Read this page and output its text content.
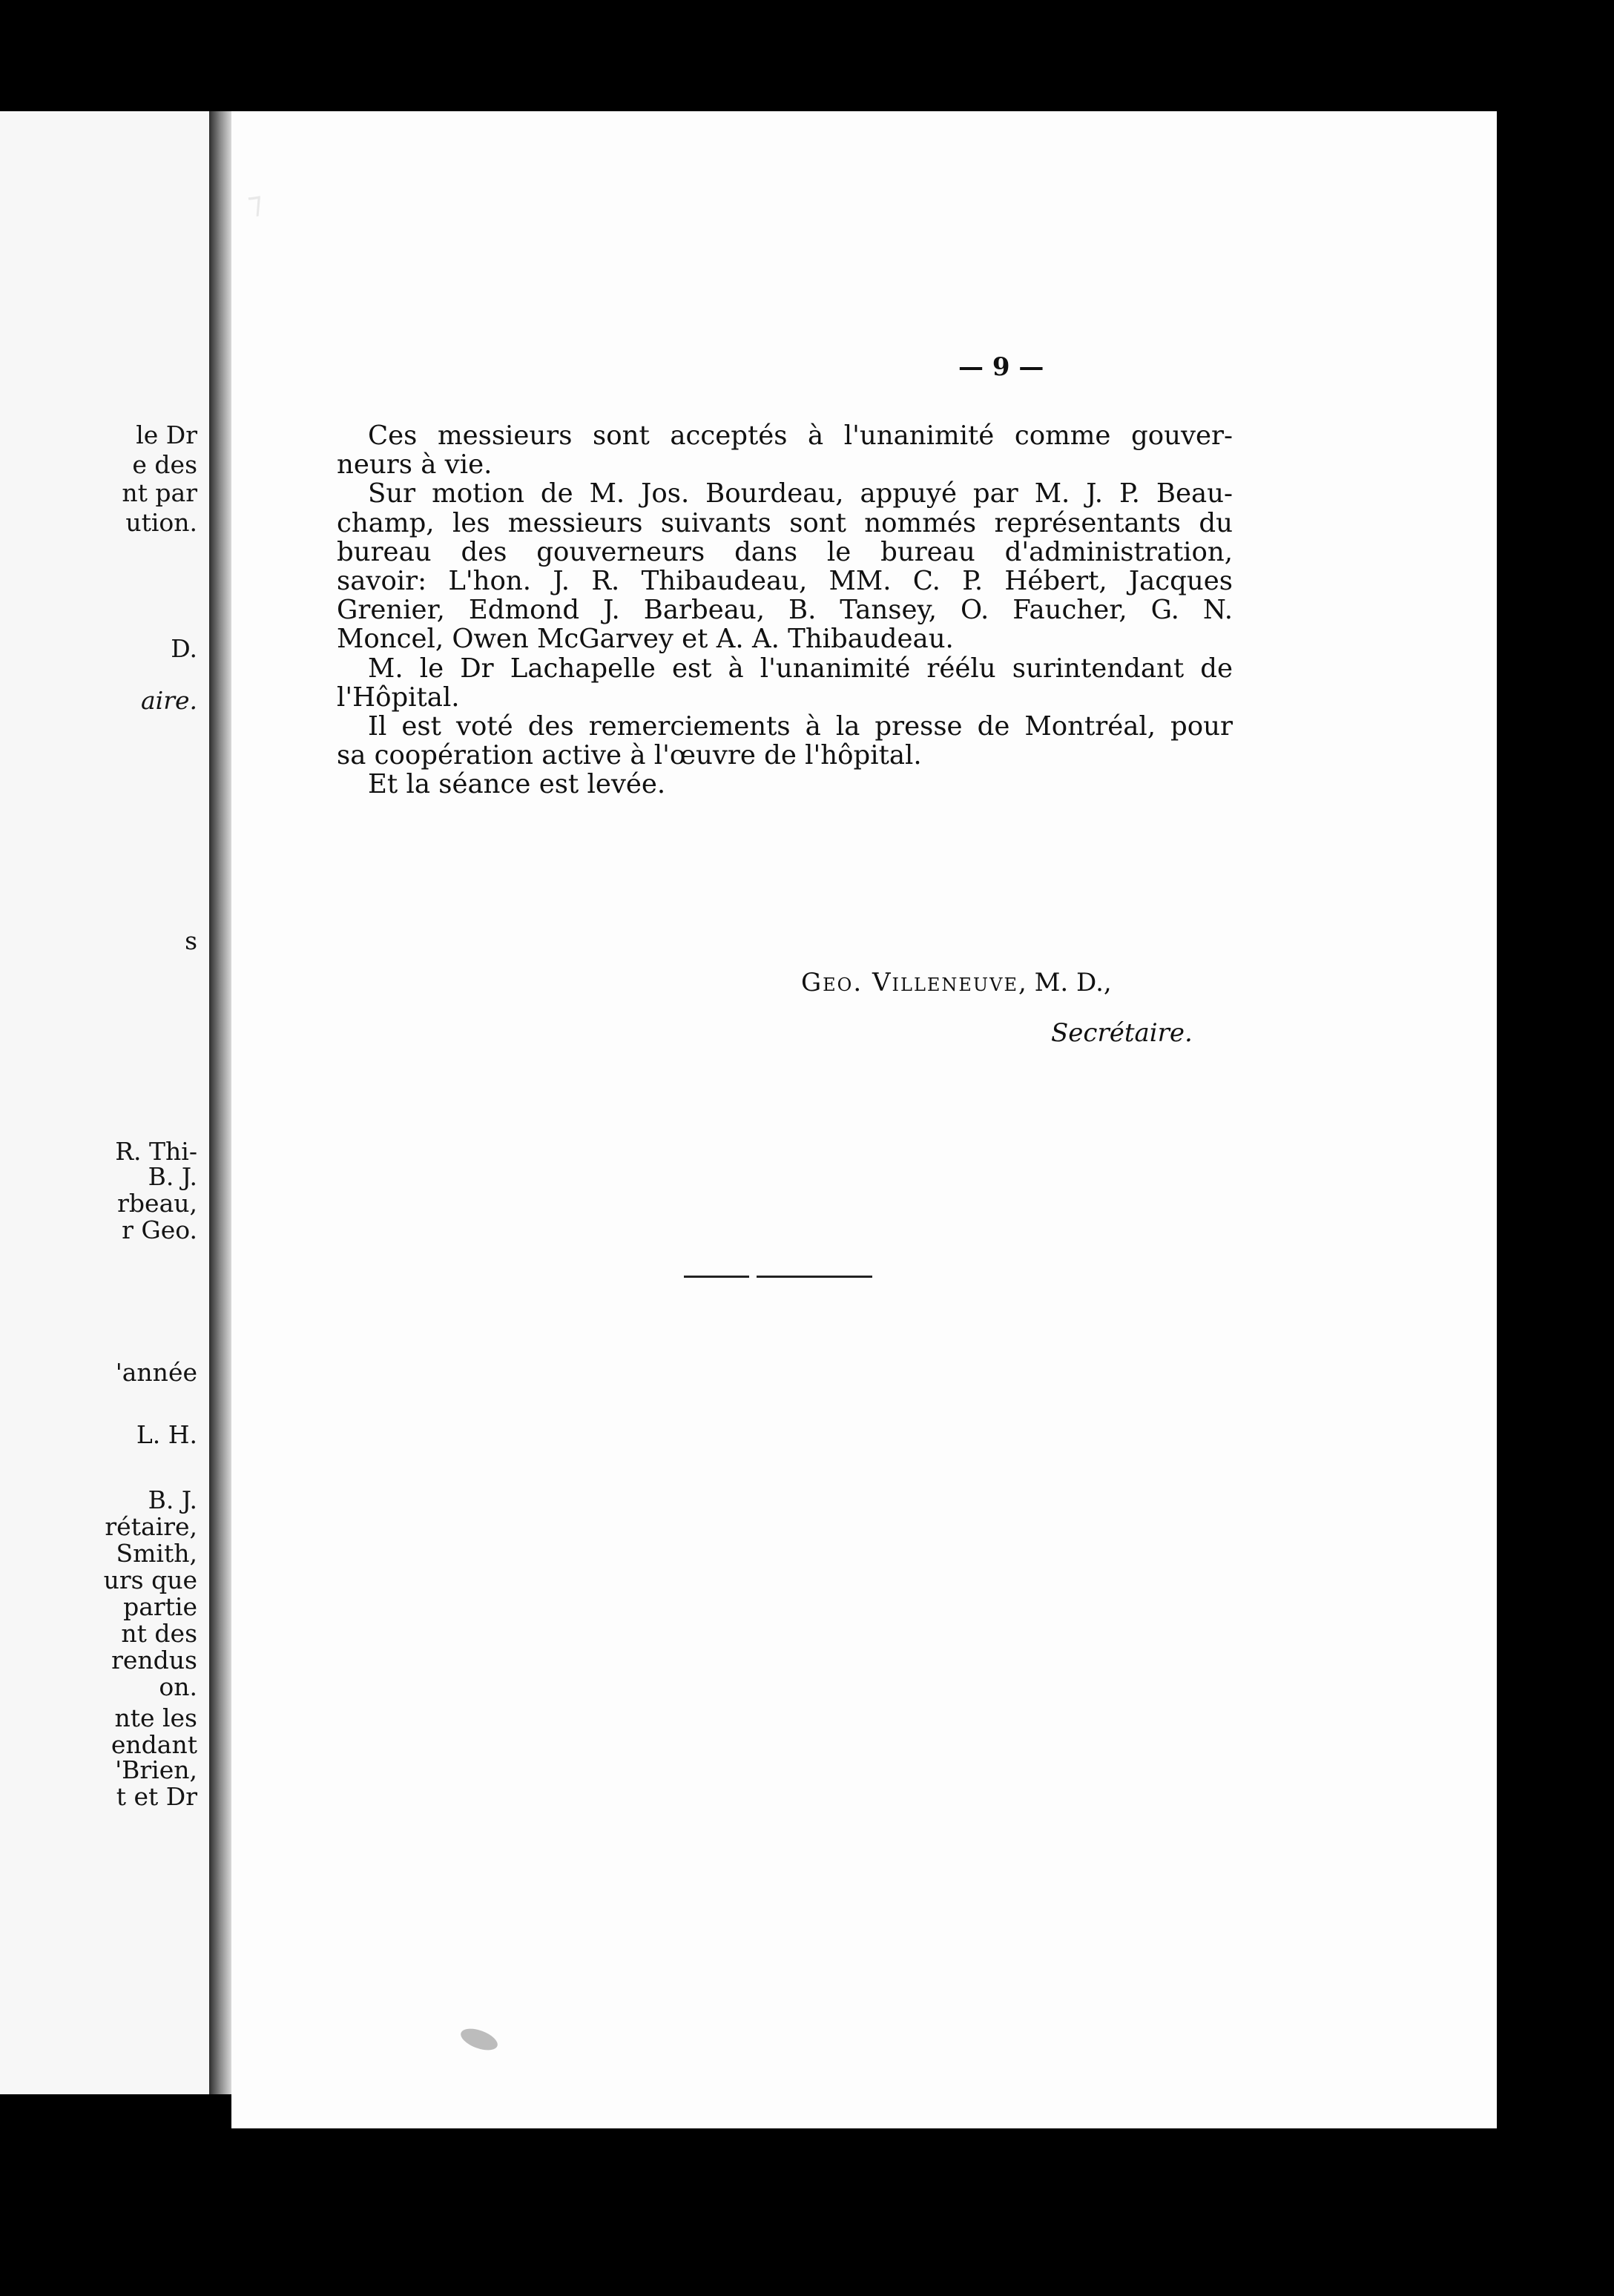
le Dr

e des

nt par

ution.

D.

aire.

s

R. Thi-

B. J.

rbeau,

r Geo.

'année

L. H.

B. J.

rétaire,

Smith,

urs que

partie

nt des

rendus

on.

nte les

endant

'Brien,

t et Dr

⁊

— 9 —

Ces messieurs sont acceptés à l'unanimité comme gouver-

neurs à vie.

Sur motion de M. Jos. Bourdeau, appuyé par M. J. P. Beau-

champ, les messieurs suivants sont nommés représentants du

bureau des gouverneurs dans le bureau d'administration,

savoir: L'hon. J. R. Thibaudeau, MM. C. P. Hébert, Jacques

Grenier, Edmond J. Barbeau, B. Tansey, O. Faucher, G. N.

Moncel, Owen McGarvey et A. A. Thibaudeau.

M. le Dr Lachapelle est à l'unanimité réélu surintendant de

l'Hôpital.

Il est voté des remerciements à la presse de Montréal, pour

sa coopération active à l'œuvre de l'hôpital.

Et la séance est levée.

Geo. Villeneuve, M. D.,

Secrétaire.
